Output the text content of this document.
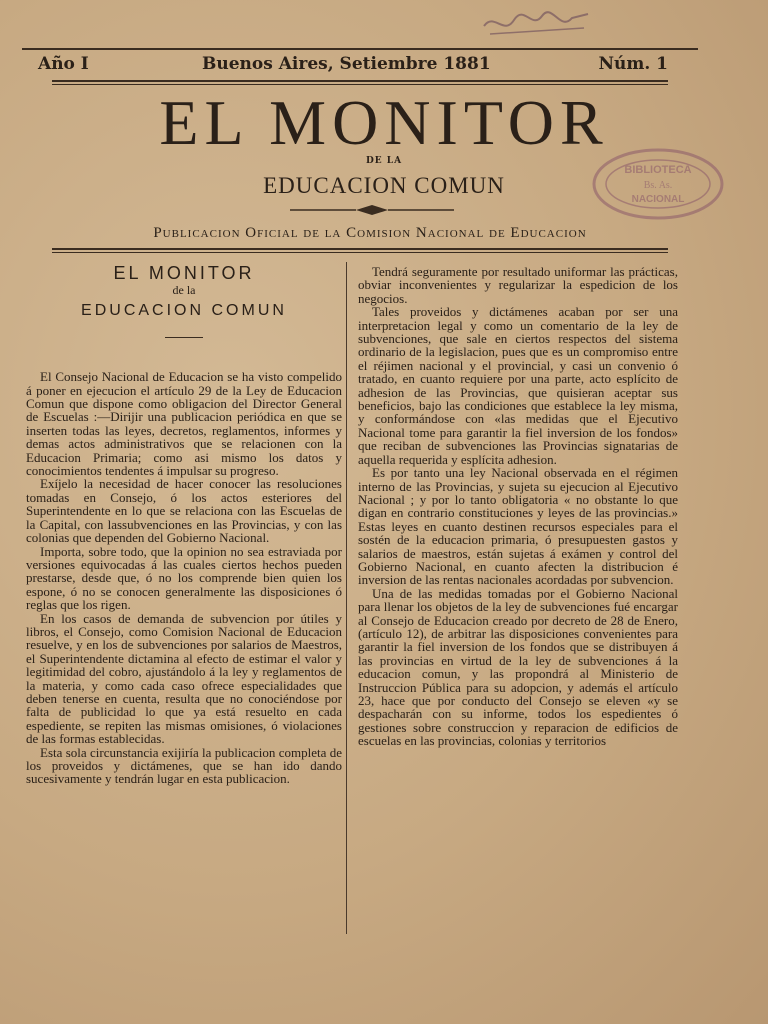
Año I	Buenos Aires, Setiembre 1881	Núm. 1
EL MONITOR
DE LA
EDUCACION COMUN
Publicacion Oficial de la Comision Nacional de Educacion
BIBLIOTECA
Bs. As.
NACIONAL
EL MONITOR
de la
EDUCACION COMUN

El Consejo Nacional de Educacion se ha visto compelido á poner en ejecucion el artículo 29 de la Ley de Educacion Comun que dispone como obligacion del Director General de Escuelas :—Dirijir una publicacion periódica en que se inserten todas las leyes, decretos, reglamentos, informes y demas actos administrativos que se relacionen con la Educacion Primaria; como asi mismo los datos y conocimientos tendentes á impulsar su progreso.

Exíjelo la necesidad de hacer conocer las resoluciones tomadas en Consejo, ó los actos esteriores del Superintendente en lo que se relaciona con las Escuelas de la Capital, con lassubvenciones en las Provincias, y con las colonias que dependen del Gobierno Nacional.

Importa, sobre todo, que la opinion no sea estraviada por versiones equivocadas á las cuales ciertos hechos pueden prestarse, desde que, ó no los comprende bien quien los espone, ó no se conocen generalmente las disposiciones ó reglas que los rigen.

En los casos de demanda de subvencion por útiles y libros, el Consejo, como Comision Nacional de Educacion resuelve, y en los de subvenciones por salarios de Maestros, el Superintendente dictamina al efecto de estimar el valor y legitimidad del cobro, ajustándolo á la ley y reglamentos de la materia, y como cada caso ofrece especialidades que deben tenerse en cuenta, resulta que no conociéndose por falta de publicidad lo que ya está resuelto en cada espediente, se repiten las mismas omisiones, ó violaciones de las formas establecidas.

Esta sola circunstancia exijiría la publicacion completa de los proveidos y dictámenes, que se han ido dando sucesivamente y tendrán lugar en esta publicacion.

Tendrá seguramente por resultado uniformar las prácticas, obviar inconvenientes y regularizar la espedicion de los negocios.

Tales proveidos y dictámenes acaban por ser una interpretacion legal y como un comentario de la ley de subvenciones, que sale en ciertos respectos del sistema ordinario de la legislacion, pues que es un compromiso entre el réjimen nacional y el provincial, y casi un convenio ó tratado, en cuanto requiere por una parte, acto esplícito de adhesion de las Provincias, que quisieran aceptar sus beneficios, bajo las condiciones que establece la ley misma, y conformándose con «las medidas que el Ejecutivo Nacional tome para garantir la fiel inversion de los fondos» que reciban de subvenciones las Provincias signatarias de aquella requerida y esplícita adhesion.

Es por tanto una ley Nacional observada en el régimen interno de las Provincias, y sujeta su ejecucion al Ejecutivo Nacional ; y por lo tanto obligatoria « no obstante lo que digan en contrario constituciones y leyes de las provincias.» Estas leyes en cuanto destinen recursos especiales para el sostén de la educacion primaria, ó presupuesten gastos y salarios de maestros, están sujetas á exámen y control del Gobierno Nacional, en cuanto afecten la distribucion é inversion de las rentas nacionales acordadas por subvencion.

Una de las medidas tomadas por el Gobierno Nacional para llenar los objetos de la ley de subvenciones fué encargar al Consejo de Educacion creado por decreto de 28 de Enero, (artículo 12), de arbitrar las disposiciones convenientes para garantir la fiel inversion de los fondos que se distribuyen á las provincias en virtud de la ley de subvenciones á la educacion comun, y las propondrá al Ministerio de Instruccion Pública para su adopcion, y además el artículo 23, hace que por conducto del Consejo se eleven «y se despacharán con su informe, todos los espedientes ó gestiones sobre construccion y reparacion de edificios de escuelas en las provincias, colonias y territorios
